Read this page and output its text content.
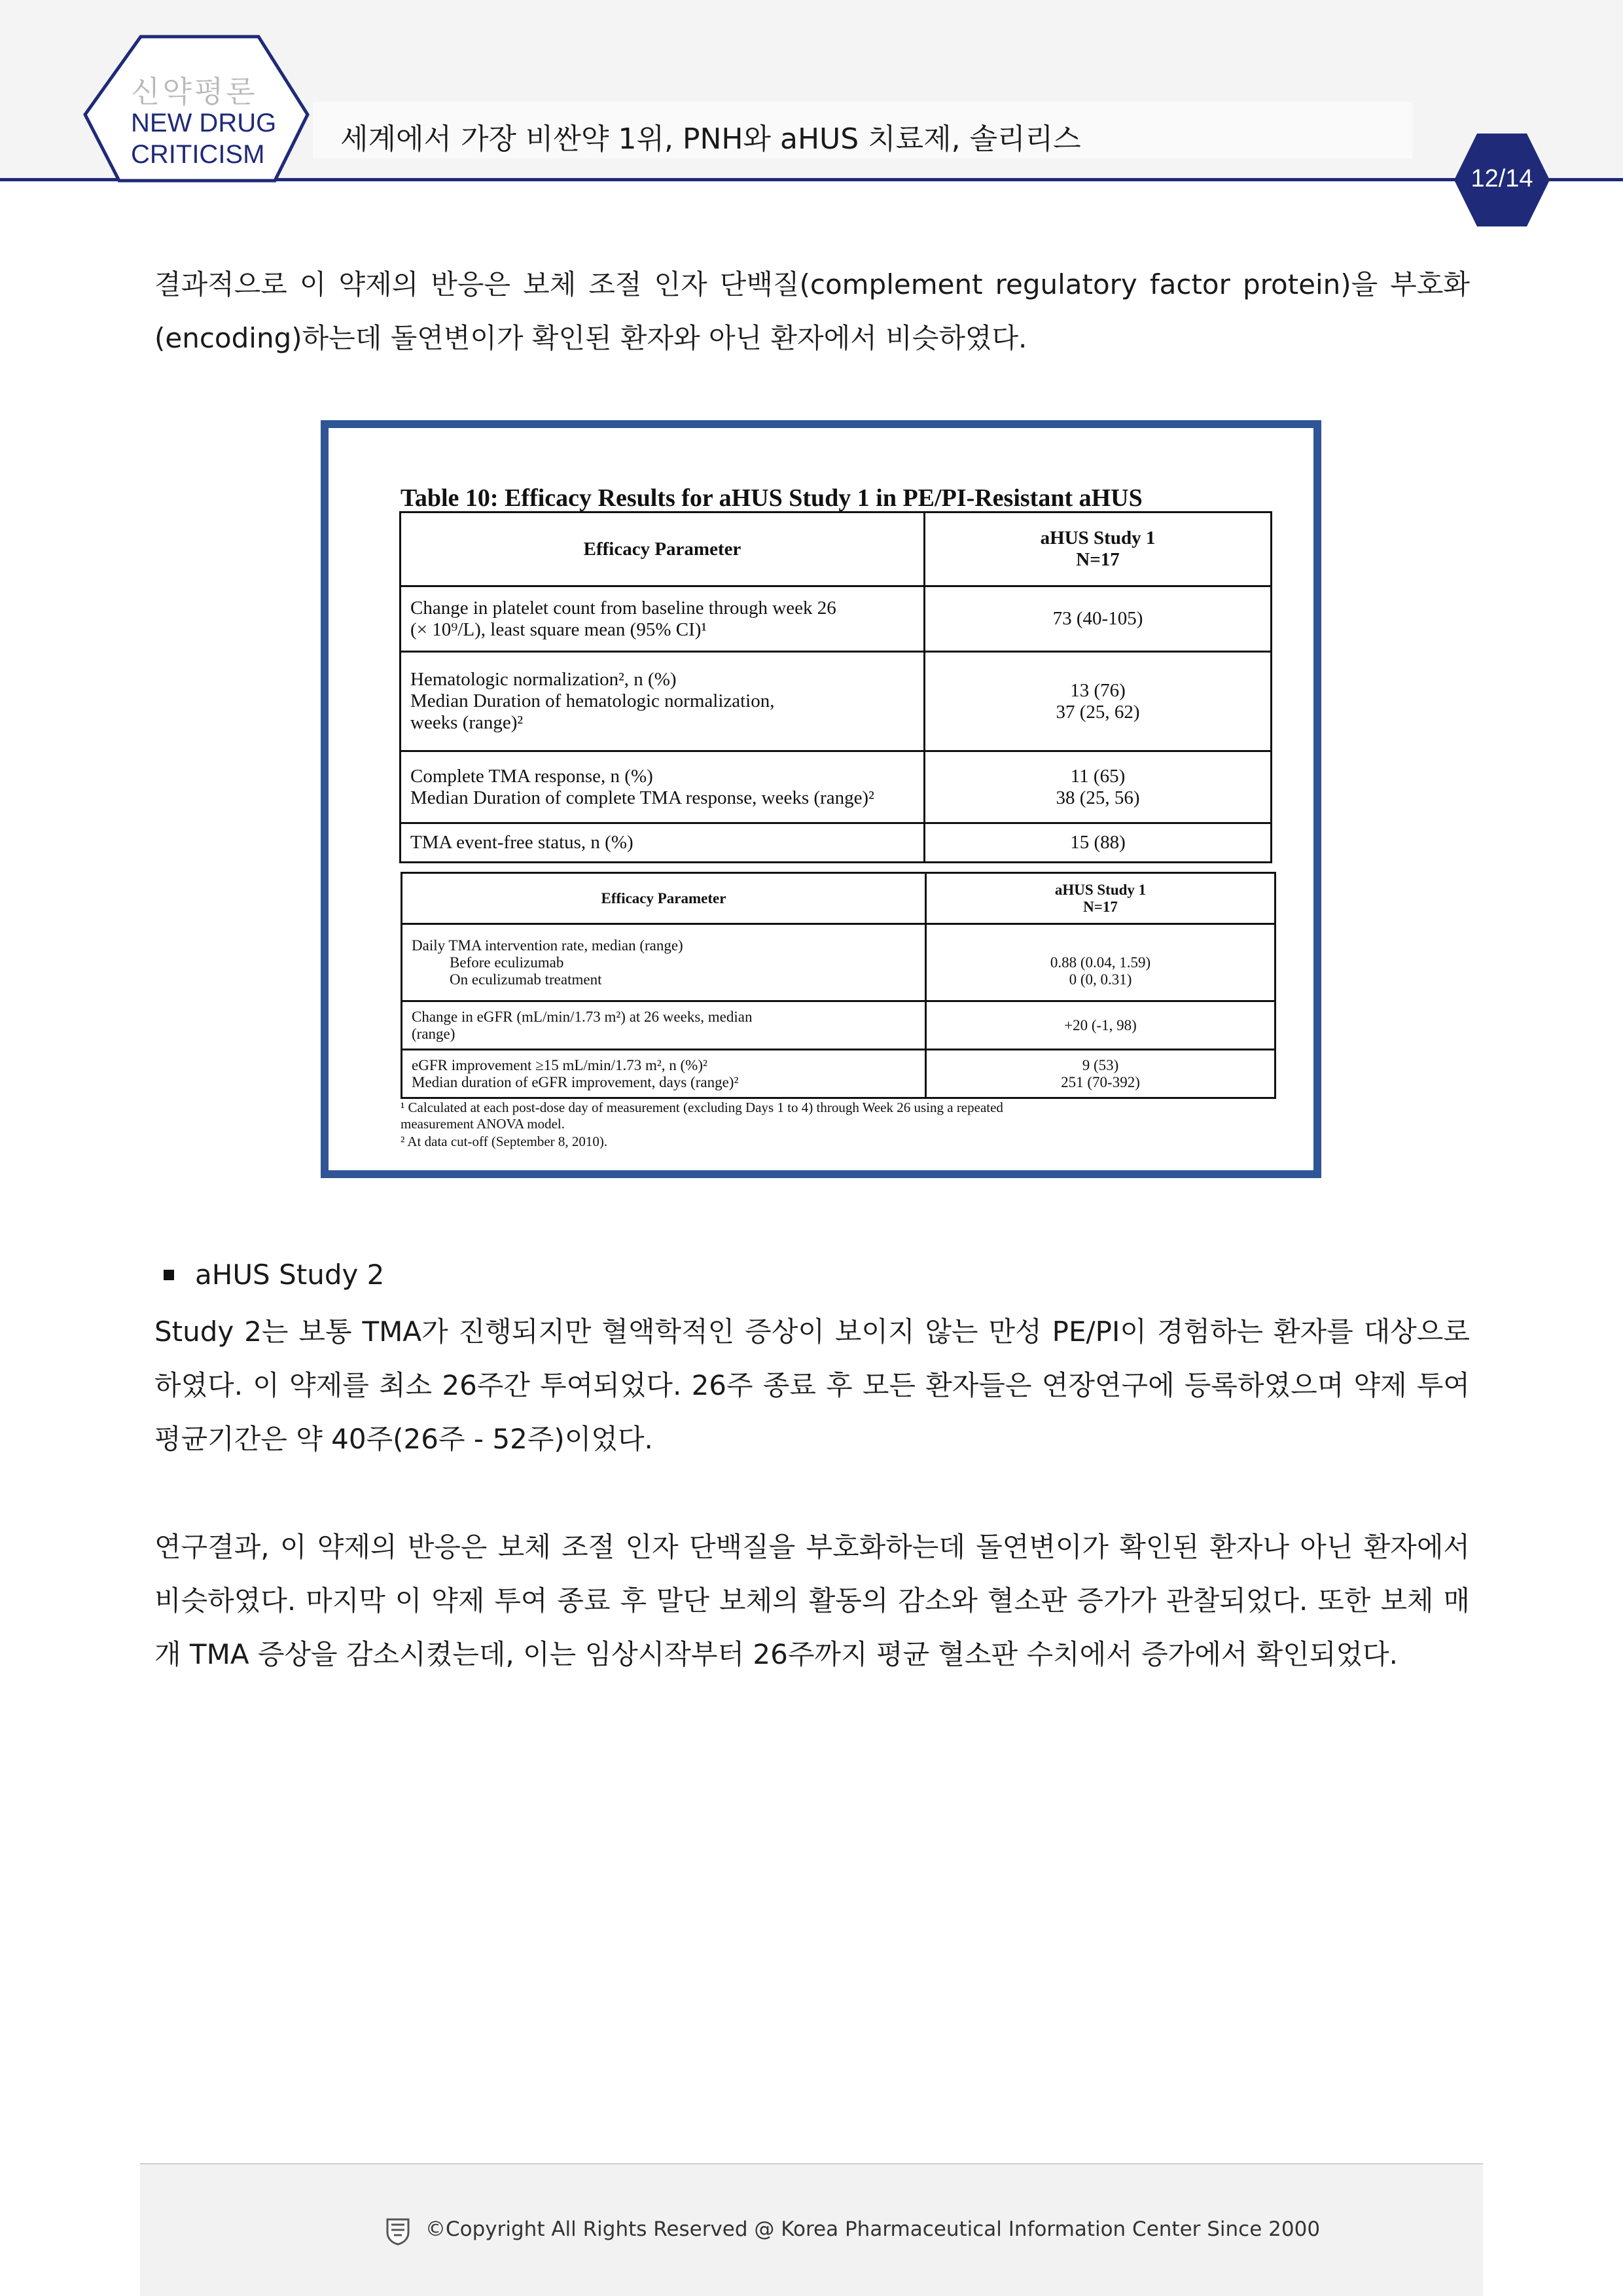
신약평론
NEW DRUG
CRITICISM	세계에서 가장 비싼약 1위, PNH와 aHUS 치료제, 솔리리스
12/14
결과적으로 이 약제의 반응은 보체 조절 인자 단백질(complement regulatory factor protein)을 부호화(encoding)하는데 돌연변이가 확인된 환자와 아닌 환자에서 비슷하였다.
Table 10: Efficacy Results for aHUS Study 1 in PE/PI-Resistant aHUS
Efficacy Parameter	aHUS Study 1
N=17
Change in platelet count from baseline through week 26
(× 10⁹/L), least square mean (95% CI)¹	73 (40-105)
Hematologic normalization², n (%)
Median Duration of hematologic normalization,
weeks (range)²	13 (76)
37 (25, 62)
Complete TMA response, n (%)
Median Duration of complete TMA response, weeks (range)²	11 (65)
38 (25, 56)
TMA event-free status, n (%)	15 (88)
Efficacy Parameter	aHUS Study 1
N=17
Daily TMA intervention rate, median (range)
Before eculizumab
On eculizumab treatment	0.88 (0.04, 1.59)
0 (0, 0.31)
Change in eGFR (mL/min/1.73 m²) at 26 weeks, median
(range)	+20 (-1, 98)
eGFR improvement ≥15 mL/min/1.73 m², n (%)²
Median duration of eGFR improvement, days (range)²	9 (53)
251 (70-392)
¹ Calculated at each post-dose day of measurement (excluding Days 1 to 4) through Week 26 using a repeated
measurement ANOVA model.
² At data cut-off (September 8, 2010).
aHUS Study 2
Study 2는 보통 TMA가 진행되지만 혈액학적인 증상이 보이지 않는 만성 PE/PI이 경험하는 환자를 대상으로 하였다. 이 약제를 최소 26주간 투여되었다. 26주 종료 후 모든 환자들은 연장연구에 등록하였으며 약제 투여 평균기간은 약 40주(26주 - 52주)이었다.
연구결과, 이 약제의 반응은 보체 조절 인자 단백질을 부호화하는데 돌연변이가 확인된 환자나 아닌 환자에서 비슷하였다. 마지막 이 약제 투여 종료 후 말단 보체의 활동의 감소와 혈소판 증가가 관찰되었다. 또한 보체 매개 TMA 증상을 감소시켰는데, 이는 임상시작부터 26주까지 평균 혈소판 수치에서 증가에서 확인되었다.
©Copyright All Rights Reserved @ Korea Pharmaceutical Information Center Since 2000
